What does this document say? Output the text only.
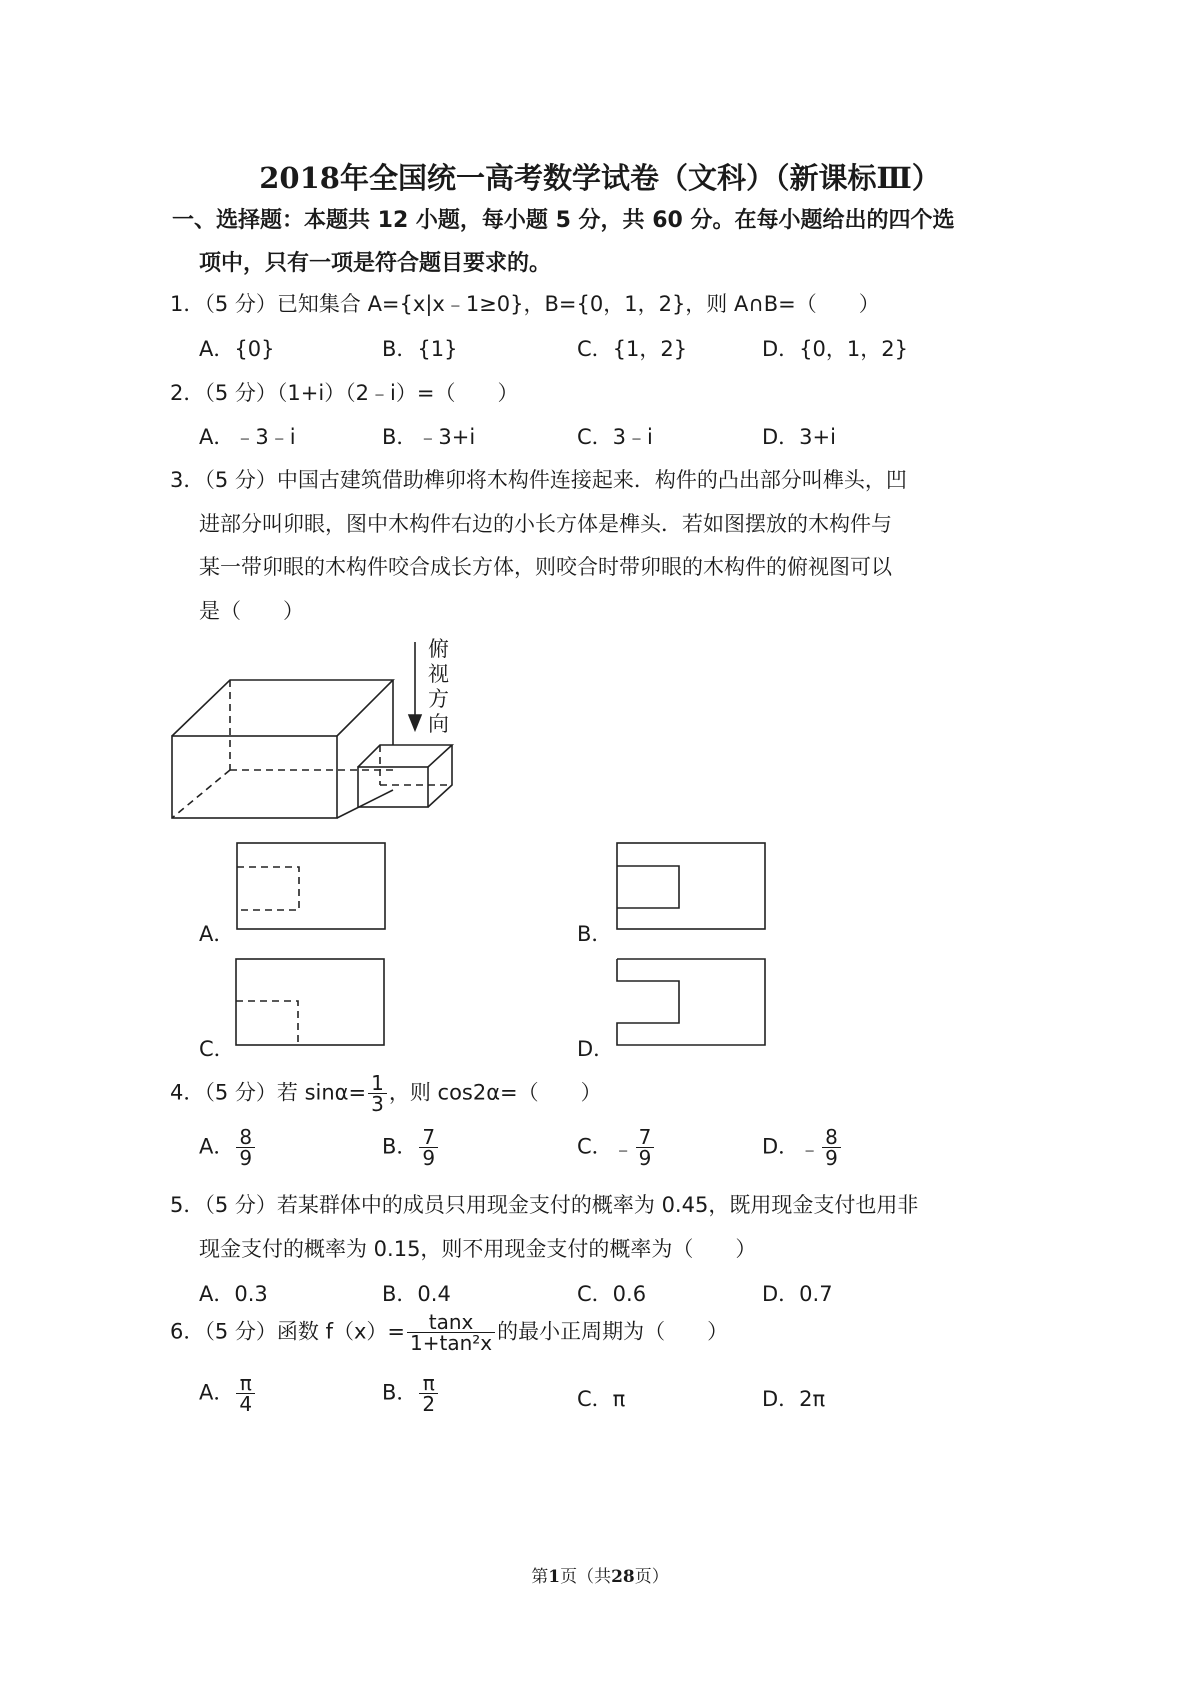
2018年全国统一高考数学试卷（文科）（新课标Ⅲ）
一、选择题：本题共 12 小题，每小题 5 分，共 60 分。在每小题给出的四个选
项中，只有一项是符合题目要求的。
1．（5 分）已知集合 A={x|x﹣1≥0}，B={0，1，2}，则 A∩B=（　　）
A．{0}	B．{1}	C．{1，2}	D．{0，1，2}
2．（5 分）（1+i）（2﹣i）=（　　）
A．﹣3﹣i	B．﹣3+i	C．3﹣i	D．3+i
3．（5 分）中国古建筑借助榫卯将木构件连接起来．构件的凸出部分叫榫头，凹
进部分叫卯眼，图中木构件右边的小长方体是榫头．若如图摆放的木构件与
某一带卯眼的木构件咬合成长方体，则咬合时带卯眼的木构件的俯视图可以
是（　　）
俯视方向
A．	B．
C．	D．
4．（5 分）若 $\sin\alpha= \frac{1}{3}$ ，则 cos2α=（　　）
A． $\frac{8}{9}$	B． $\frac{7}{9}$	C．﹣ $\frac{7}{9}$	D．﹣ $\frac{8}{9}$
5．（5 分）若某群体中的成员只用现金支付的概率为 0.45，既用现金支付也用非
现金支付的概率为 0.15，则不用现金支付的概率为（　　）
A．0.3	B．0.4	C．0.6	D．0.7
6．（5 分）函数 $f(x)= \frac{\tan x}{\text{1+tan²x}}$ 的最小正周期为（　　）
A． $\frac{\pi}{4}$	B． $\frac{\pi}{2}$	C．π	D．2π
第1页（共28页）
